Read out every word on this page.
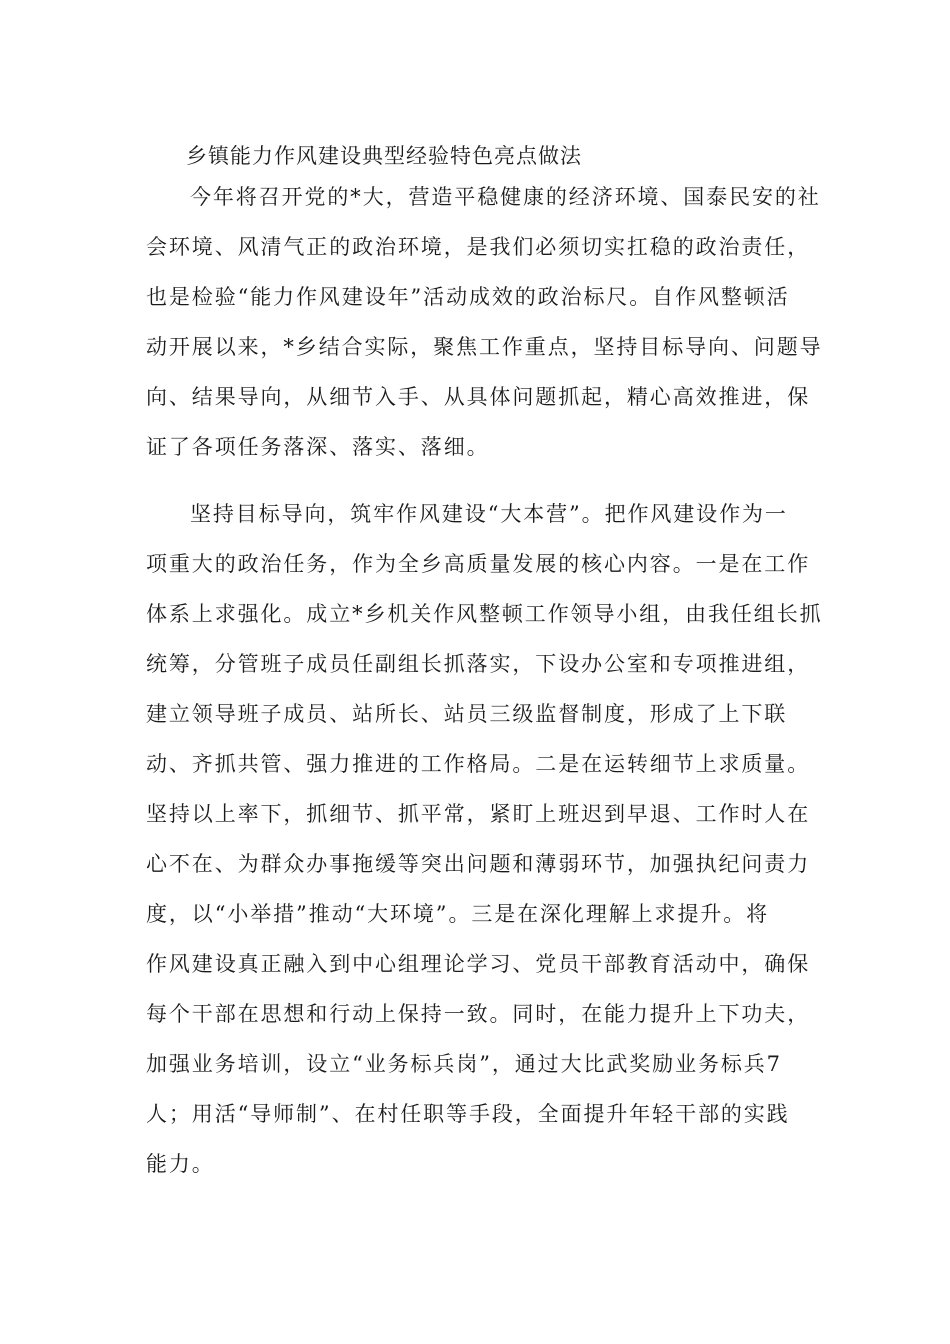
乡镇能力作风建设典型经验特色亮点做法
今年将召开党的*大，营造平稳健康的经济环境、国泰民安的社
会环境、风清气正的政治环境，是我们必须切实扛稳的政治责任，
也是检验“能力作风建设年”活动成效的政治标尺。自作风整顿活
动开展以来，*乡结合实际，聚焦工作重点，坚持目标导向、问题导
向、结果导向，从细节入手、从具体问题抓起，精心高效推进，保
证了各项任务落深、落实、落细。
坚持目标导向，筑牢作风建设“大本营”。把作风建设作为一
项重大的政治任务，作为全乡高质量发展的核心内容。一是在工作
体系上求强化。成立*乡机关作风整顿工作领导小组，由我任组长抓
统筹，分管班子成员任副组长抓落实，下设办公室和专项推进组，
建立领导班子成员、站所长、站员三级监督制度，形成了上下联
动、齐抓共管、强力推进的工作格局。二是在运转细节上求质量。
坚持以上率下，抓细节、抓平常，紧盯上班迟到早退、工作时人在
心不在、为群众办事拖缓等突出问题和薄弱环节，加强执纪问责力
度，以“小举措”推动“大环境”。三是在深化理解上求提升。将
作风建设真正融入到中心组理论学习、党员干部教育活动中，确保
每个干部在思想和行动上保持一致。同时，在能力提升上下功夫，
加强业务培训，设立“业务标兵岗”，通过大比武奖励业务标兵7
人；用活“导师制”、在村任职等手段，全面提升年轻干部的实践
能力。
